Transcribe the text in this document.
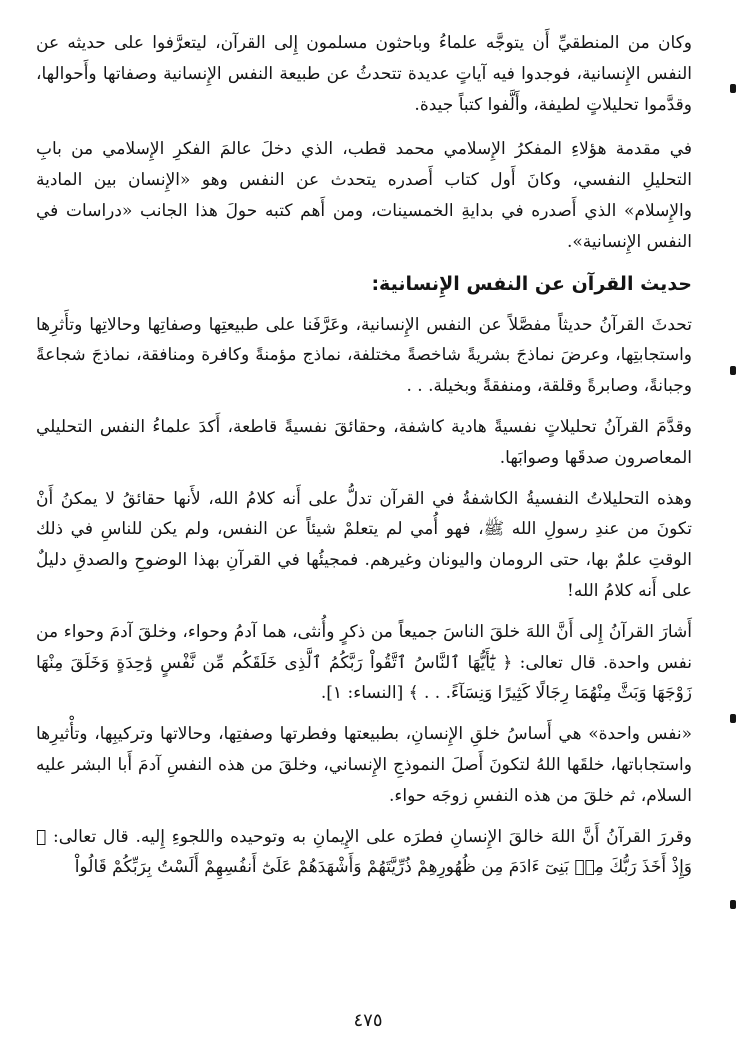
وكان من المنطقيِّ أَن يتوجَّه علماءُ وباحثون مسلمون إِلى القرآن، ليتعرَّفوا على حديثه عن النفس الإِنسانية، فوجدوا فيه آياتٍ عديدة تتحدثُ عن طبيعة النفس الإِنسانية وصفاتها وأَحوالها، وقدَّموا تحليلاتٍ لطيفة، وأَلَّفوا كتباً جيدة.

في مقدمة هؤلاءِ المفكرُ الإِسلامي محمد قطب، الذي دخلَ عالمَ الفكرِ الإِسلامي من بابِ التحليلِ النفسي، وكانَ أَول كتاب أَصدره يتحدث عن النفس وهو «الإِنسان بين المادية والإِسلام» الذي أَصدره في بدايةِ الخمسينات، ومن أَهم كتبه حولَ هذا الجانب «دراسات في النفس الإِنسانية».

حديث القرآن عن النفس الإِنسانية:

تحدثَ القرآنُ حديثاً مفصَّلاً عن النفس الإِنسانية، وعَرَّفَنا على طبيعتِها وصفاتِها وحالاتِها وتأَثرِها واستجابتِها، وعرضَ نماذجَ بشريةً شاخصةً مختلفة، نماذج مؤمنةً وكافرة ومنافقة، نماذجَ شجاعةً وجبانةً، وصابرةً وقلقة، ومنفقةً وبخيلة. . .

وقدَّمَ القرآنُ تحليلاتٍ نفسيةً هادية كاشفة، وحقائقَ نفسيةً قاطعة، أَكدَ علماءُ النفس التحليلي المعاصرون صدقَها وصوابَها.

وهذه التحليلاتُ النفسيةُ الكاشفةُ في القرآن تدلُّ على أَنه كلامُ الله، لأَنها حقائقُ لا يمكنُ أَنْ تكونَ من عندِ رسولِ الله ﷺ، فهو أُمي لم يتعلمْ شيئاً عن النفس، ولم يكن للناسِ في ذلك الوقتِ علمٌ بها، حتى الرومان واليونان وغيرهم. فمجيئُها في القرآنِ بهذا الوضوحِ والصدقِ دليلٌ على أَنه كلامُ الله!

أَشارَ القرآنُ إِلى أَنَّ اللهَ خلقَ الناسَ جميعاً من ذكرٍ وأُنثى، هما آدمُ وحواء، وخلقَ آدمَ وحواء من نفس واحدة. قال تعالى: ﴿ يَٰٓأَيُّهَا ٱلنَّاسُ ٱتَّقُواْ رَبَّكُمُ ٱلَّذِى خَلَقَكُم مِّن نَّفْسٍ وَٰحِدَةٍ وَخَلَقَ مِنْهَا زَوْجَهَا وَبَثَّ مِنْهُمَا رِجَالًا كَثِيرًا وَنِسَآءً. . . ﴾ [النساء: ١].

«نفس واحدة» هي أَساسُ خلقِ الإِنسانِ، بطبيعتها وفطرتها وصفتِها، وحالاتها وتركيبِها، وتأْثيرِها واستجاباتها، خلقَها اللهُ لتكونَ أَصلَ النموذجِ الإِنساني، وخلقَ من هذه النفسِ آدمَ أَبا البشر عليه السلام، ثم خلقَ من هذه النفسِ زوجَه حواء.

وقررَ القرآنُ أَنَّ اللهَ خالقَ الإِنسانِ فطرَه على الإِيمانِ به وتوحيده واللجوءِ إِليه. قال تعالى: ﴿ وَإِذْ أَخَذَ رَبُّكَ مِنۢ بَنِىٓ ءَادَمَ مِن ظُهُورِهِمْ ذُرِّيَّتَهُمْ وَأَشْهَدَهُمْ عَلَىٰٓ أَنفُسِهِمْ أَلَسْتُ بِرَبِّكُمْ قَالُواْ

٤٧٥
